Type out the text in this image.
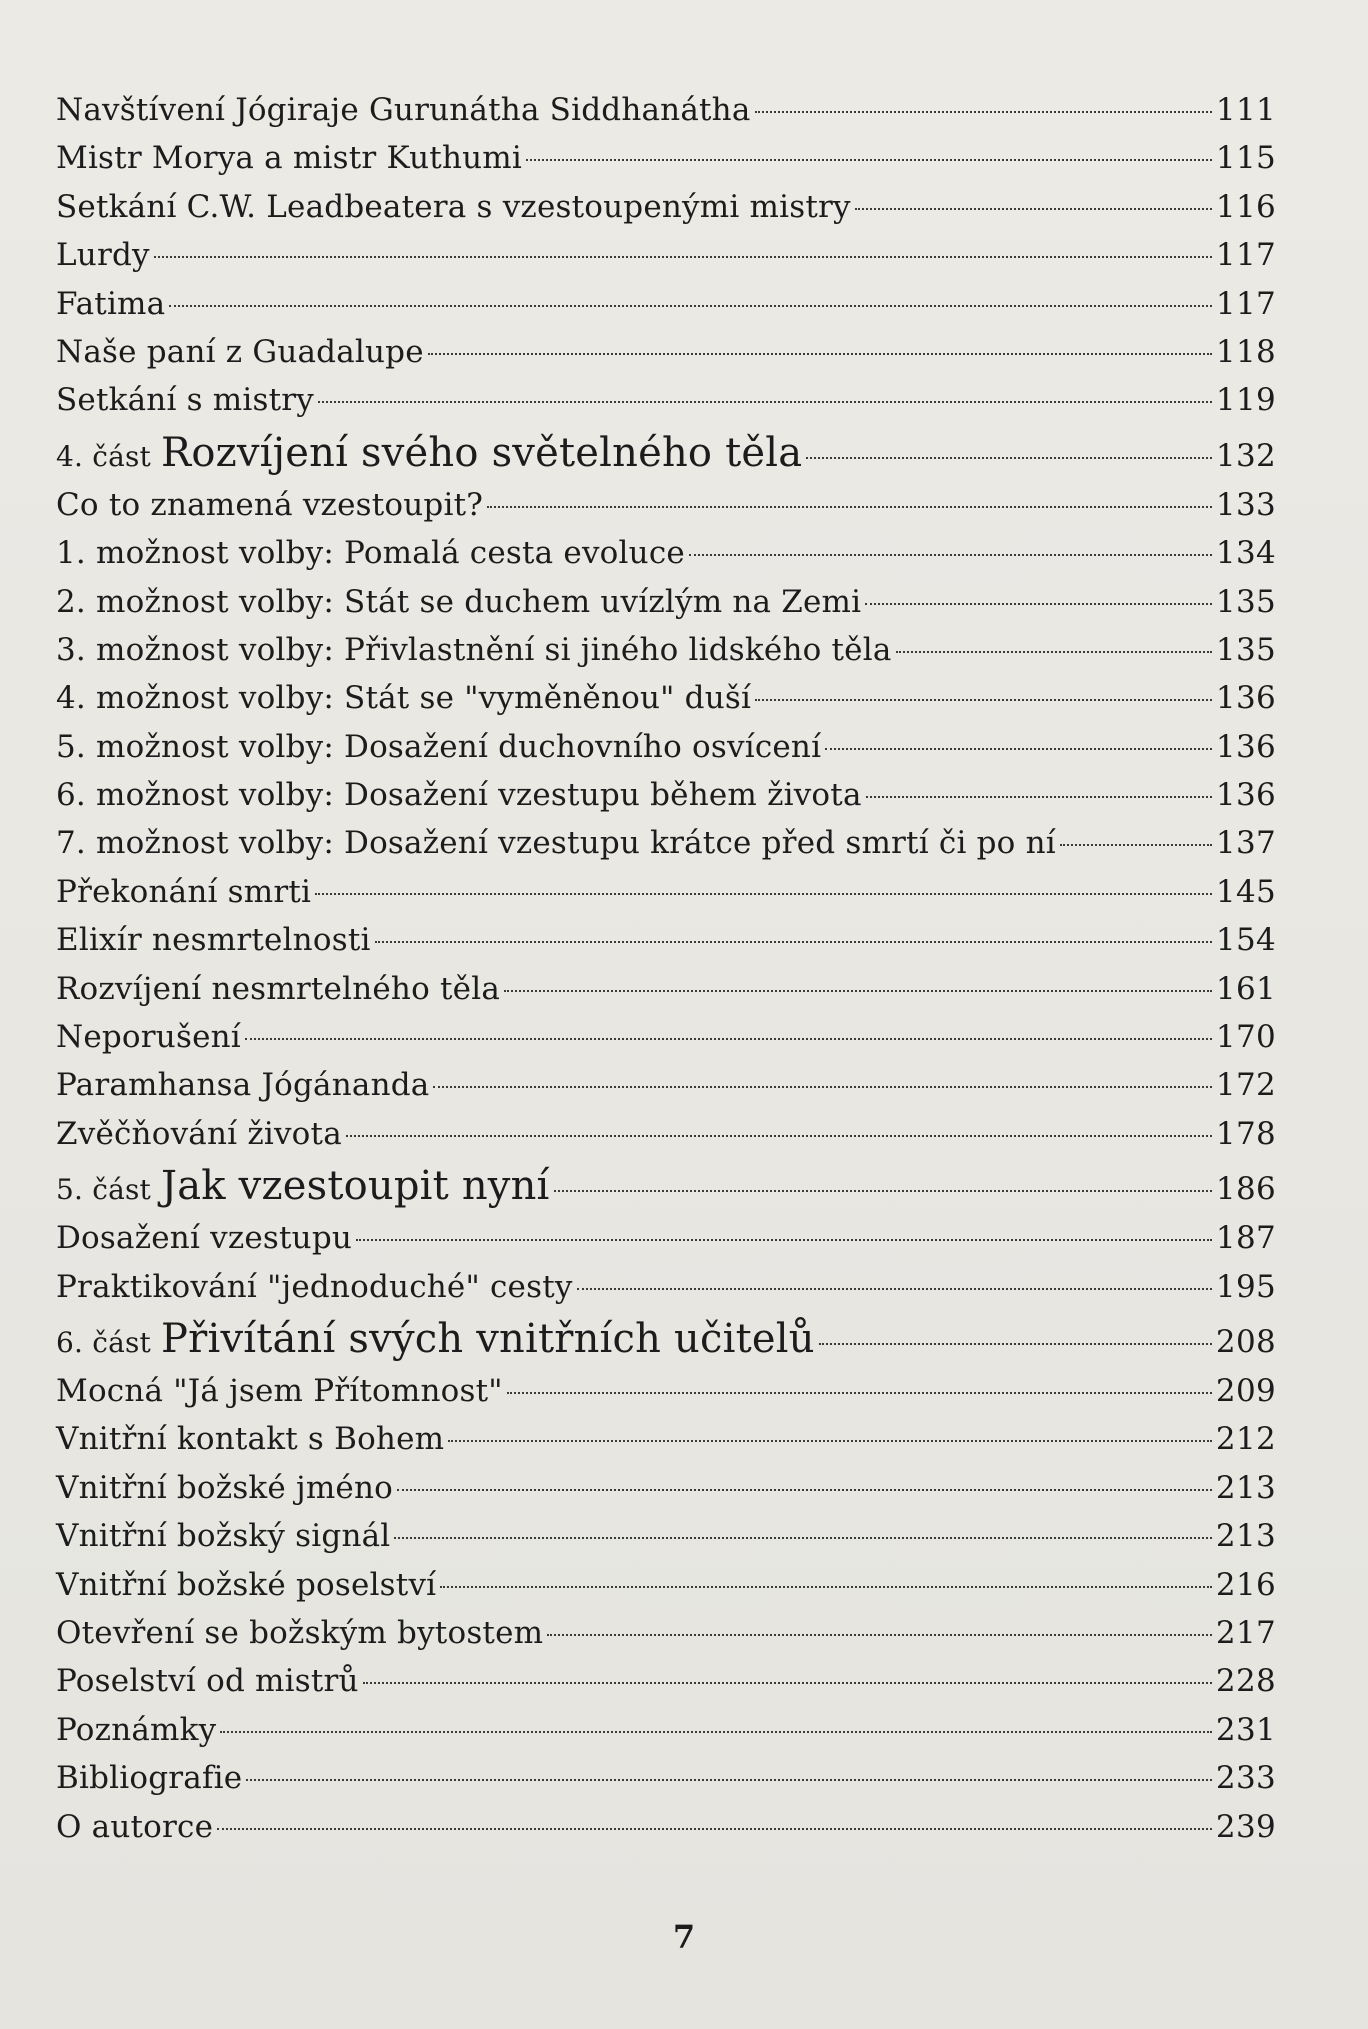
Navštívení Jógiraje Gurunátha Siddhanátha	111
Mistr Morya a mistr Kuthumi	115
Setkání C.W. Leadbeatera s vzestoupenými mistry	116
Lurdy	117
Fatima	117
Naše paní z Guadalupe	118
Setkání s mistry	119
4. část Rozvíjení svého světelného těla	132
Co to znamená vzestoupit?	133
1. možnost volby: Pomalá cesta evoluce	134
2. možnost volby: Stát se duchem uvízlým na Zemi	135
3. možnost volby: Přivlastnění si jiného lidského těla	135
4. možnost volby: Stát se "vyměněnou" duší	136
5. možnost volby: Dosažení duchovního osvícení	136
6. možnost volby: Dosažení vzestupu během života	136
7. možnost volby: Dosažení vzestupu krátce před smrtí či po ní	137
Překonání smrti	145
Elixír nesmrtelnosti	154
Rozvíjení nesmrtelného těla	161
Neporušení	170
Paramhansa Jógánanda	172
Zvěčňování života	178
5. část Jak vzestoupit nyní	186
Dosažení vzestupu	187
Praktikování "jednoduché" cesty	195
6. část Přivítání svých vnitřních učitelů	208
Mocná "Já jsem Přítomnost"	209
Vnitřní kontakt s Bohem	212
Vnitřní božské jméno	213
Vnitřní božský signál	213
Vnitřní božské poselství	216
Otevření se božským bytostem	217
Poselství od mistrů	228
Poznámky	231
Bibliografie	233
O autorce	239
7
